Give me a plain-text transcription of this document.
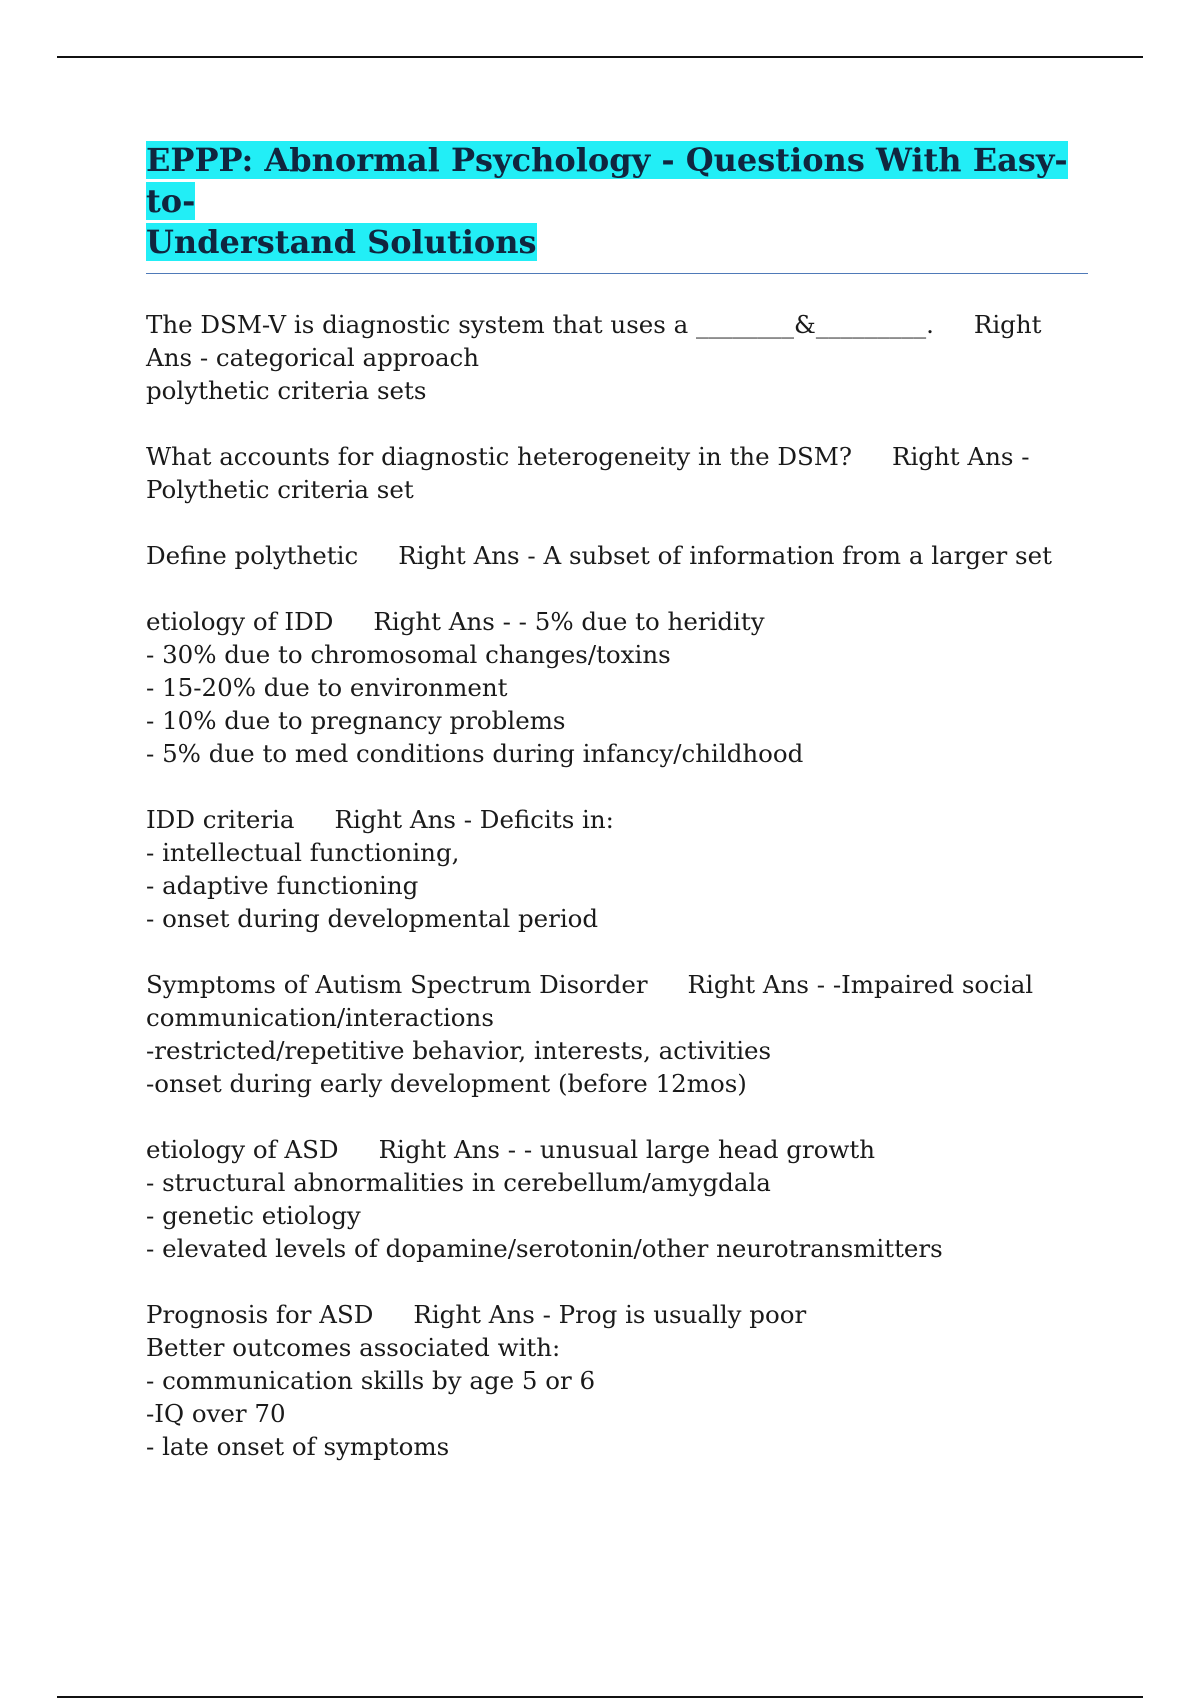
EPPP: Abnormal Psychology - Questions With Easy-to-
Understand Solutions

The DSM-V is diagnostic system that uses a ________&_________. Right Ans - categorical approach
polythetic criteria sets

What accounts for diagnostic heterogeneity in the DSM? Right Ans - Polythetic criteria set

Define polythetic Right Ans - A subset of information from a larger set

etiology of IDD Right Ans - - 5% due to heridity
- 30% due to chromosomal changes/toxins
- 15-20% due to environment
- 10% due to pregnancy problems
- 5% due to med conditions during infancy/childhood

IDD criteria Right Ans - Deficits in:
- intellectual functioning,
- adaptive functioning
- onset during developmental period

Symptoms of Autism Spectrum Disorder Right Ans - -Impaired social communication/interactions
-restricted/repetitive behavior, interests, activities
-onset during early development (before 12mos)

etiology of ASD Right Ans - - unusual large head growth
- structural abnormalities in cerebellum/amygdala
- genetic etiology
- elevated levels of dopamine/serotonin/other neurotransmitters

Prognosis for ASD Right Ans - Prog is usually poor
Better outcomes associated with:
- communication skills by age 5 or 6
-IQ over 70
- late onset of symptoms
